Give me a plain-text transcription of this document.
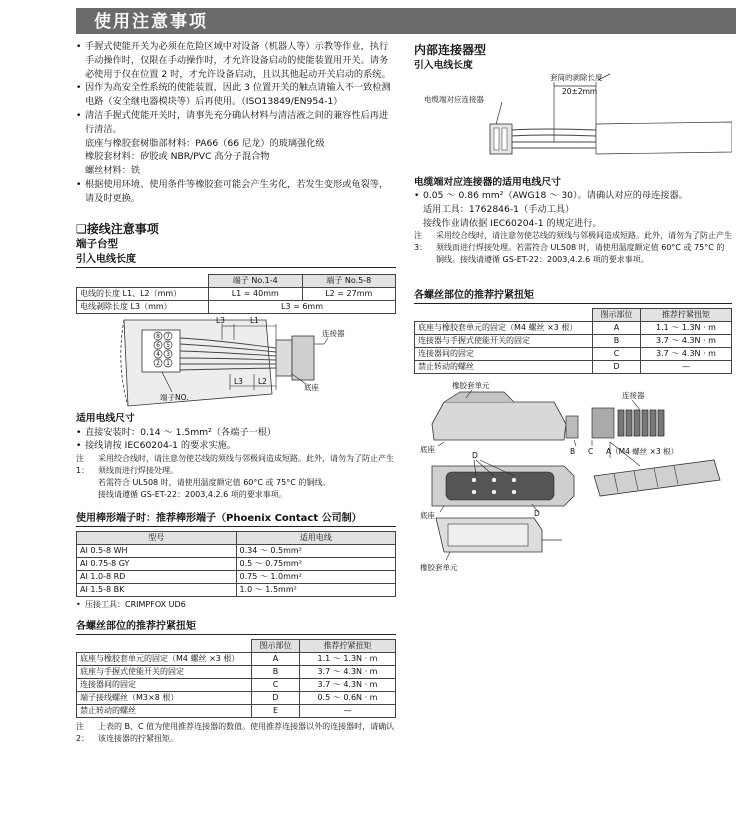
使用注意事项
• 手握式使能开关为必须在危险区域中对设备（机器人等）示教等作业，执行手动操作时，仅限在手动操作时，才允许设备启动的使能装置用开关。请务必使用于仅在位置 2 时，才允许设备启动，且以其他起动开关启动的系统。
• 因作为高安全性系统的使能装置，因此 3 位置开关的触点请输入不一致检测电路（安全继电器模块等）后再使用。（ISO13849/EN954-1）
• 清洁手握式使能开关时，请事先充分确认材料与清洁液之间的兼容性后再进行清洁。
底座与橡胶套树脂部材料：PA66（66 尼龙）的玻璃强化级
橡胶套材料：矽胶或 NBR/PVC 高分子混合物
螺丝材料：铁
• 根据使用环境、使用条件等橡胶套可能会产生劣化，若发生变形或龟裂等，请及时更换。
❏接线注意事项
端子台型
引入电线长度
	端子 No.1-4	端子 No.5-8
电线的长度 L1、L2（mm）	L1 = 40mm	L2 = 27mm
电线剥除长度 L3（mm）	L3 = 6mm	
8 7
6 5
4 3
2 1
L3	L1
L3 L2
连接器
底座
端子NO.
适用电线尺寸
• 直接安装时：0.14 ～ 1.5mm²（各端子一根）
• 接线请按 IEC60204-1 的要求实施。
注 1：
采用绞合线时，请注意勿使芯线的须线与邻极间造成短路。此外，请勿为了防止产生须线而进行焊接处理。
若需符合 UL508 时，请使用温度额定值 60°C 或 75°C 的铜线。
接线请遵循 GS-ET-22：2003,4.2.6 项的要求事项。
使用棒形端子时：推荐棒形端子（Phoenix Contact 公司制）
型号	适用电线
AI 0.5-8 WH	0.34 ～ 0.5mm²
AI 0.75-8 GY	0.5 ～ 0.75mm²
AI 1.0-8 RD	0.75 ～ 1.0mm²
AI 1.5-8 BK	1.0 ～ 1.5mm²
• 压接工具：CRIMPFOX UD6
各螺丝部位的推荐拧紧扭矩
	图示部位	推荐拧紧扭矩
底座与橡胶套单元的固定（M4 螺丝 ×3 根）	A	1.1 ～ 1.3N · m
底座与手握式使能开关的固定	B	3.7 ～ 4.3N · m
连接器间的固定	C	3.7 ～ 4.3N · m
端子接线螺丝（M3×8 根）	D	0.5 ～ 0.6N · m
禁止转动的螺丝	E	—
注 2：
上表的 B、C 值为使用推荐连接器的数值。使用推荐连接器以外的连接器时，请确认该连接器的拧紧扭矩。
内部连接器型
引入电线长度
套筒的剥除长度
20±2mm
电缆端对应连接器
电缆端对应连接器的适用电线尺寸
• 0.05 ～ 0.86 mm²（AWG18 ～ 30）。请确认对应的母连接器。
适用工具：1762846-1（手动工具）
接线作业请依据 IEC60204-1 的规定进行。
注 3：
采用绞合线时，请注意勿使芯线的须线与邻极间造成短路。此外，请勿为了防止产生须线而进行焊接处理。若需符合 UL508 时，请使用温度额定值 60°C 或 75°C 的铜线。接线请遵循 GS-ET-22：2003,4.2.6 项的要求事项。
各螺丝部位的推荐拧紧扭矩
	图示部位	推荐拧紧扭矩
底座与橡胶套单元的固定（M4 螺丝 ×3 根）	A	1.1 ～ 1.3N · m
连接器与手握式使能开关的固定	B	3.7 ～ 4.3N · m
连接器间的固定	C	3.7 ～ 4.3N · m
禁止转动的螺丝	D	—
橡胶套单元
连接器
底座	B C A（M4 螺丝 ×3 根）
D
D
底座
橡胶套单元
